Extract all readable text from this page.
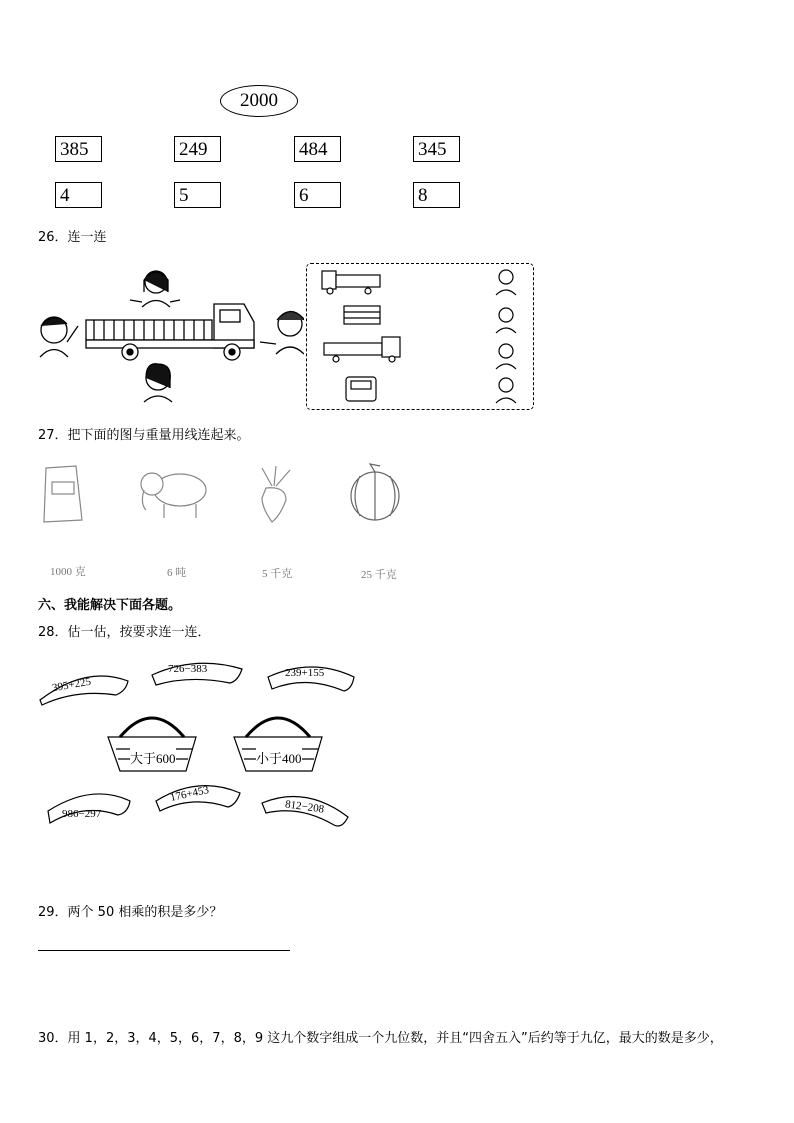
2000
385	249	484	345
4	5	6	8
26．连一连
27．把下面的图与重量用线连起来。
1000 克	6 吨	5 千克	25 千克
六、我能解决下面各题。
28．估一估，按要求连一连．
395+225
726−383	239+155
大于600	小于400
986−297
176+453
812−208
29．两个 50 相乘的积是多少？
30．用 1，2，3，4，5，6，7，8，9 这九个数字组成一个九位数，并且“四舍五入”后约等于九亿，最大的数是多少，
